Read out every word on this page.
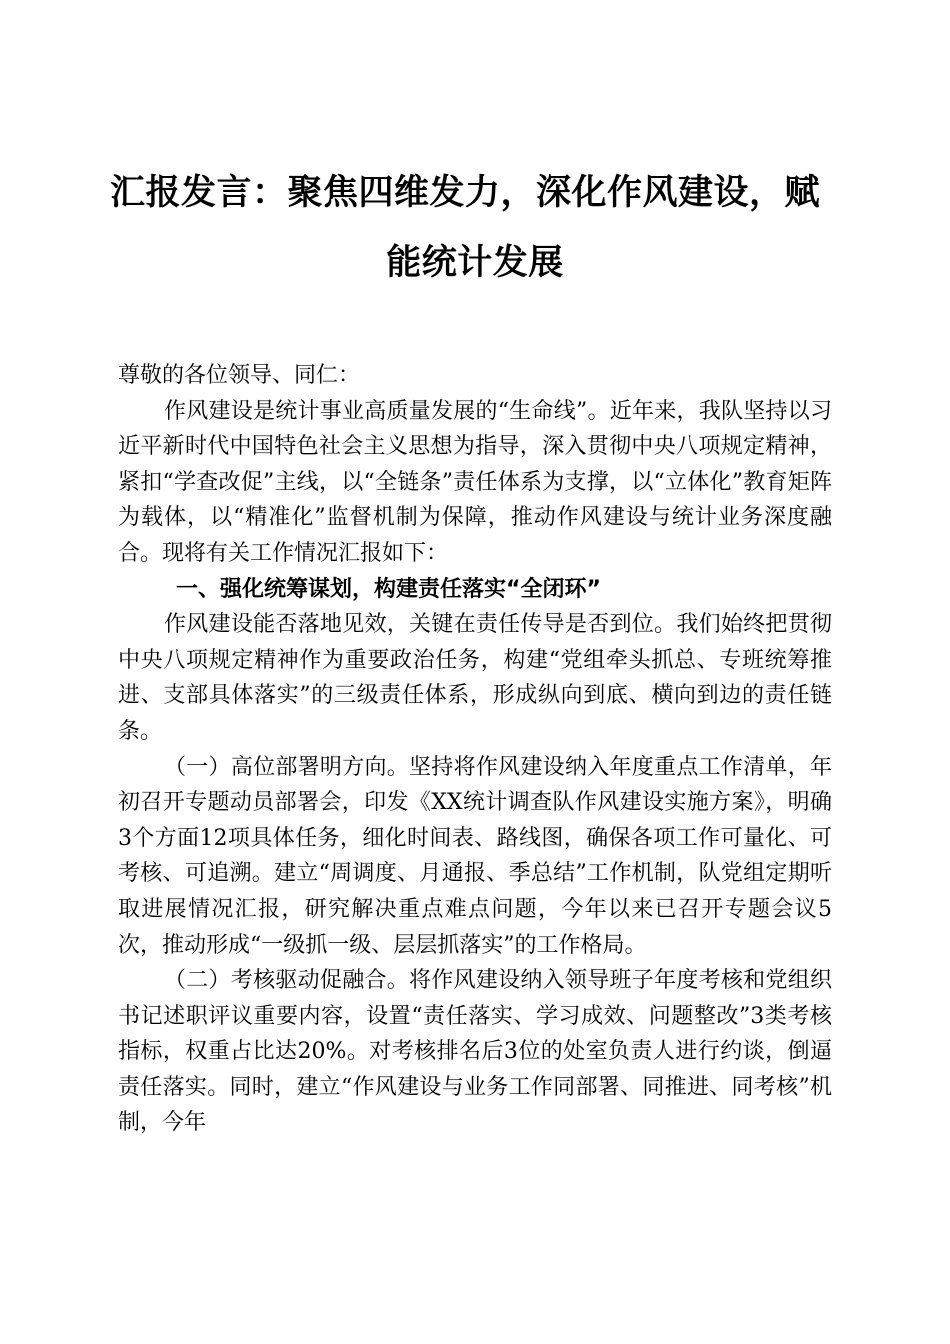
汇报发言：聚焦四维发力，深化作风建设，赋
能统计发展

尊敬的各位领导、同仁：

作风建设是统计事业高质量发展的“生命线”。近年来，我队坚持以习近平新时代中国特色社会主义思想为指导，深入贯彻中央八项规定精神，紧扣“学查改促”主线，以“全链条”责任体系为支撑，以“立体化”教育矩阵为载体，以“精准化”监督机制为保障，推动作风建设与统计业务深度融合。现将有关工作情况汇报如下：

一、强化统筹谋划，构建责任落实“全闭环”

作风建设能否落地见效，关键在责任传导是否到位。我们始终把贯彻中央八项规定精神作为重要政治任务，构建“党组牵头抓总、专班统筹推进、支部具体落实”的三级责任体系，形成纵向到底、横向到边的责任链条。

（一）高位部署明方向。坚持将作风建设纳入年度重点工作清单，年初召开专题动员部署会，印发《XX统计调查队作风建设实施方案》，明确3个方面12项具体任务，细化时间表、路线图，确保各项工作可量化、可考核、可追溯。建立“周调度、月通报、季总结”工作机制，队党组定期听取进展情况汇报，研究解决重点难点问题，今年以来已召开专题会议5次，推动形成“一级抓一级、层层抓落实”的工作格局。

（二）考核驱动促融合。将作风建设纳入领导班子年度考核和党组织书记述职评议重要内容，设置“责任落实、学习成效、问题整改”3类考核指标，权重占比达20%。对考核排名后3位的处室负责人进行约谈，倒逼责任落实。同时，建立“作风建设与业务工作同部署、同推进、同考核”机制，今年
